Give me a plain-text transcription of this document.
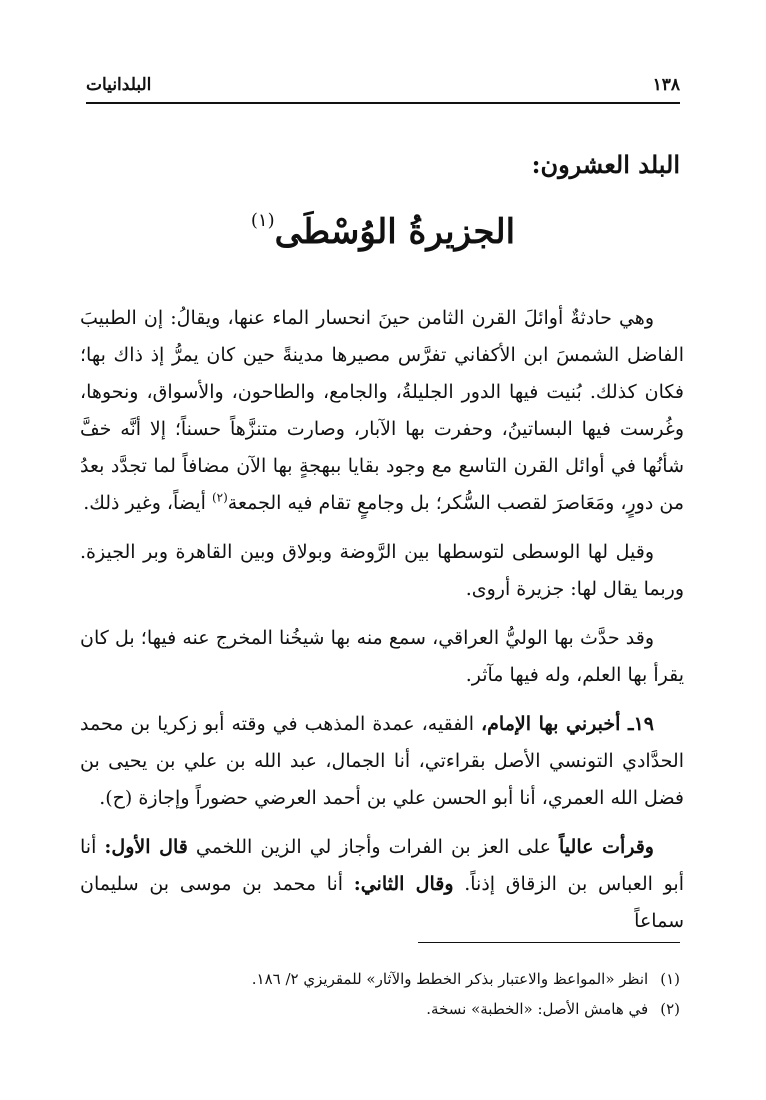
١٣٨
البلدانيات
البلد العشرون:
الجزيرةُ الوُسْطَى$^{(١)}$

وهي حادثةٌ أوائلَ القرن الثامن حينَ انحسار الماء عنها، ويقالُ: إن الطبيبَ الفاضل الشمسَ ابن الأكفاني تفرَّس مصيرها مدينةً حين كان يمرُّ إذ ذاك بها؛ فكان كذلك. بُنيت فيها الدور الجليلةُ، والجامع، والطاحون، والأسواق، ونحوها، وغُرست فيها البساتينُ، وحفرت بها الآبار، وصارت متنزَّهاً حسناً؛ إلا أنَّه خفَّ شأنُها في أوائل القرن التاسع مع وجود بقايا ببهجةٍ بها الآن مضافاً لما تجدَّد بعدُ من دورٍ، ومَعَاصرَ لقصب السُّكر؛ بل وجامعٍ تقام فيه الجمعة$^{(٢)}$ أيضاً، وغير ذلك.

وقيل لها الوسطى لتوسطها بين الرَّوضة وبولاق وبين القاهرة وبر الجيزة. وربما يقال لها: جزيرة أروى.

وقد حدَّث بها الوليُّ العراقي، سمع منه بها شيخُنا المخرج عنه فيها؛ بل كان يقرأ بها العلم، وله فيها مآثر.

١٩ـ أخبرني بها الإمام، الفقيه، عمدة المذهب في وقته أبو زكريا بن محمد الحدَّادي التونسي الأصل بقراءتي، أنا الجمال، عبد الله بن علي بن يحيى بن فضل الله العمري، أنا أبو الحسن علي بن أحمد العرضي حضوراً وإجازة (ح).

وقرأت عالياً على العز بن الفرات وأجاز لي الزين اللخمي قال الأول: أنا أبو العباس بن الزقاق إذناً. وقال الثاني: أنا محمد بن موسى بن سليمان سماعاً

(١)
انظر «المواعظ والاعتبار بذكر الخطط والآثار» للمقريزي ٢/ ١٨٦.
(٢)
في هامش الأصل: «الخطبة» نسخة.
